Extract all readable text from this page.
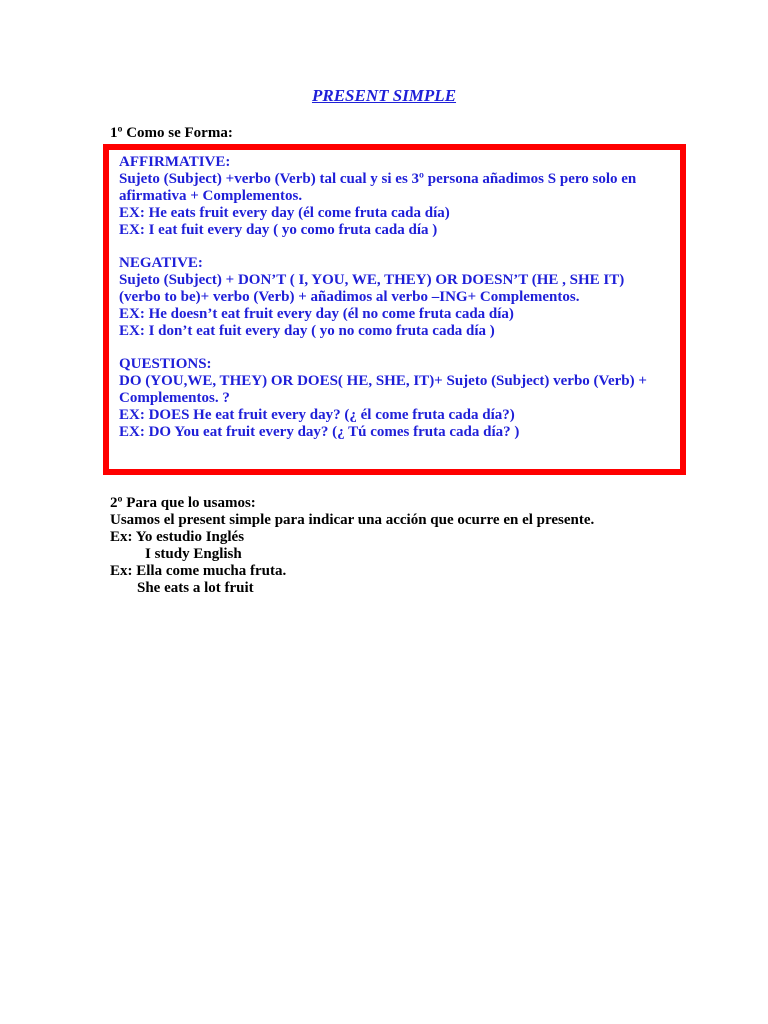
PRESENT SIMPLE
1º Como se Forma:
AFFIRMATIVE:
Sujeto (Subject) +verbo (Verb) tal cual y si es 3º persona añadimos S pero solo en
afirmativa + Complementos.
EX: He eats fruit every day (él come fruta cada día)
EX: I eat fuit every day ( yo como fruta cada día )
NEGATIVE:
Sujeto (Subject) + DON’T ( I, YOU, WE, THEY) OR DOESN’T (HE , SHE IT)
(verbo to be)+ verbo (Verb) + añadimos al verbo –ING+ Complementos.
EX: He doesn’t eat fruit every day (él no come fruta cada día)
EX: I don’t eat fuit every day ( yo no como fruta cada día )
QUESTIONS:
DO (YOU,WE, THEY) OR DOES( HE, SHE, IT)+ Sujeto (Subject) verbo (Verb) +
Complementos. ?
EX: DOES He eat fruit every day? (¿ él come fruta cada día?)
EX: DO You eat fruit every day? (¿ Tú comes fruta cada día? )
2º Para que lo usamos:
Usamos el present simple para indicar una acción que ocurre en el presente.
Ex: Yo estudio Inglés
I study English
Ex: Ella come mucha fruta.
She eats a lot fruit
